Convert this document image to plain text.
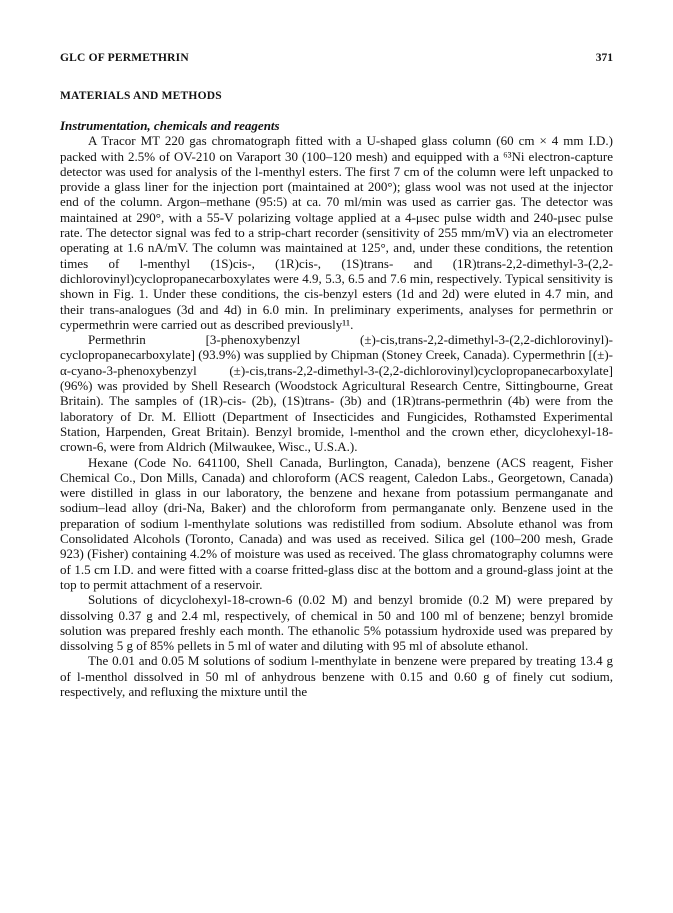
GLC OF PERMETHRIN	371
MATERIALS AND METHODS

Instrumentation, chemicals and reagents

A Tracor MT 220 gas chromatograph fitted with a U-shaped glass column (60 cm × 4 mm I.D.) packed with 2.5% of OV-210 on Varaport 30 (100–120 mesh) and equipped with a ⁶³Ni electron-capture detector was used for analysis of the l-menthyl esters. The first 7 cm of the column were left unpacked to provide a glass liner for the injection port (maintained at 200°); glass wool was not used at the injector end of the column. Argon–methane (95:5) at ca. 70 ml/min was used as carrier gas. The detector was maintained at 290°, with a 55-V polarizing voltage applied at a 4-μsec pulse width and 240-μsec pulse rate. The detector signal was fed to a strip-chart recorder (sensitivity of 255 mm/mV) via an electrometer operating at 1.6 nA/mV. The column was maintained at 125°, and, under these conditions, the retention times of l-menthyl (1S)cis-, (1R)cis-, (1S)trans- and (1R)trans-2,2-dimethyl-3-(2,2-dichlorovinyl)cyclopropanecarboxylates were 4.9, 5.3, 6.5 and 7.6 min, respectively. Typical sensitivity is shown in Fig. 1. Under these conditions, the cis-benzyl esters (1d and 2d) were eluted in 4.7 min, and their trans-analogues (3d and 4d) in 6.0 min. In preliminary experiments, analyses for permethrin or cypermethrin were carried out as described previously¹¹.

Permethrin [3-phenoxybenzyl (±)-cis,trans-2,2-dimethyl-3-(2,2-dichlorovinyl)-cyclopropanecarboxylate] (93.9%) was supplied by Chipman (Stoney Creek, Canada). Cypermethrin [(±)-α-cyano-3-phenoxybenzyl (±)-cis,trans-2,2-dimethyl-3-(2,2-dichlorovinyl)cyclopropanecarboxylate] (96%) was provided by Shell Research (Woodstock Agricultural Research Centre, Sittingbourne, Great Britain). The samples of (1R)-cis- (2b), (1S)trans- (3b) and (1R)trans-permethrin (4b) were from the laboratory of Dr. M. Elliott (Department of Insecticides and Fungicides, Rothamsted Experimental Station, Harpenden, Great Britain). Benzyl bromide, l-menthol and the crown ether, dicyclohexyl-18-crown-6, were from Aldrich (Milwaukee, Wisc., U.S.A.).

Hexane (Code No. 641100, Shell Canada, Burlington, Canada), benzene (ACS reagent, Fisher Chemical Co., Don Mills, Canada) and chloroform (ACS reagent, Caledon Labs., Georgetown, Canada) were distilled in glass in our laboratory, the benzene and hexane from potassium permanganate and sodium–lead alloy (dri-Na, Baker) and the chloroform from permanganate only. Benzene used in the preparation of sodium l-menthylate solutions was redistilled from sodium. Absolute ethanol was from Consolidated Alcohols (Toronto, Canada) and was used as received. Silica gel (100–200 mesh, Grade 923) (Fisher) containing 4.2% of moisture was used as received. The glass chromatography columns were of 1.5 cm I.D. and were fitted with a coarse fritted-glass disc at the bottom and a ground-glass joint at the top to permit attachment of a reservoir.

Solutions of dicyclohexyl-18-crown-6 (0.02 M) and benzyl bromide (0.2 M) were prepared by dissolving 0.37 g and 2.4 ml, respectively, of chemical in 50 and 100 ml of benzene; benzyl bromide solution was prepared freshly each month. The ethanolic 5% potassium hydroxide used was prepared by dissolving 5 g of 85% pellets in 5 ml of water and diluting with 95 ml of absolute ethanol.

The 0.01 and 0.05 M solutions of sodium l-menthylate in benzene were prepared by treating 13.4 g of l-menthol dissolved in 50 ml of anhydrous benzene with 0.15 and 0.60 g of finely cut sodium, respectively, and refluxing the mixture until the
